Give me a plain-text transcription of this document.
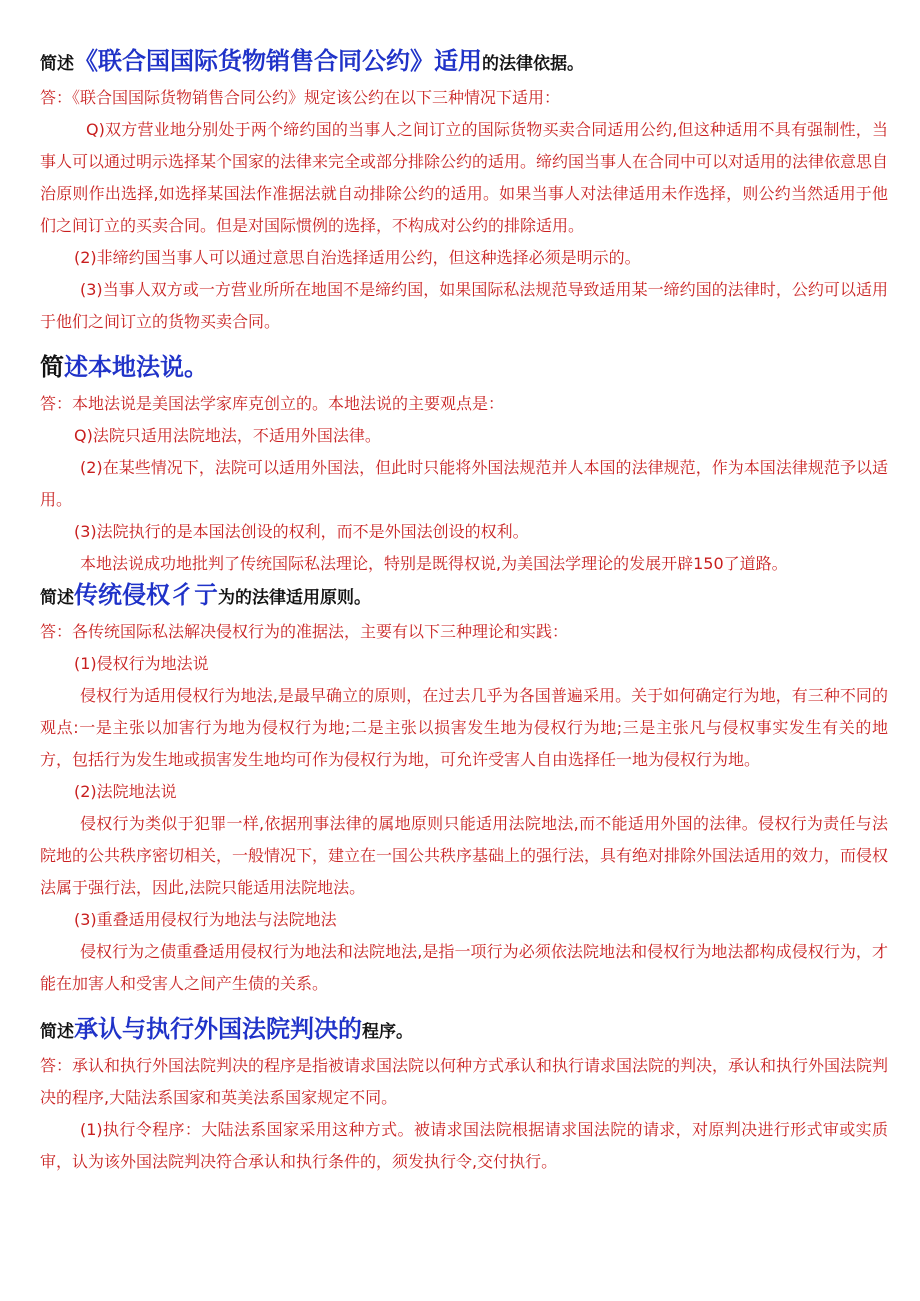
简述《联合国国际货物销售合同公约》适用的法律依据。

答：《联合国国际货物销售合同公约》规定该公约在以下三种情况下适用：

Q)双方营业地分别处于两个缔约国的当事人之间订立的国际货物买卖合同适用公约,但这种适用不具有强制性，当事人可以通过明示选择某个国家的法律来完全或部分排除公约的适用。缔约国当事人在合同中可以对适用的法律依意思自治原则作出选择,如选择某国法作准据法就自动排除公约的适用。如果当事人对法律适用未作选择，则公约当然适用于他们之间订立的买卖合同。但是对国际惯例的选择，不构成对公约的排除适用。

(2)非缔约国当事人可以通过意思自治选择适用公约，但这种选择必须是明示的。

(3)当事人双方或一方营业所所在地国不是缔约国，如果国际私法规范导致适用某一缔约国的法律时，公约可以适用于他们之间订立的货物买卖合同。

简述本地法说。

答：本地法说是美国法学家库克创立的。本地法说的主要观点是：

Q)法院只适用法院地法，不适用外国法律。

(2)在某些情况下，法院可以适用外国法，但此时只能将外国法规范并人本国的法律规范，作为本国法律规范予以适用。

(3)法院执行的是本国法创设的权利，而不是外国法创设的权利。

本地法说成功地批判了传统国际私法理论，特别是既得权说,为美国法学理论的发展开辟150了道路。

简述传统侵权彳亍为的法律适用原则。

答：各传统国际私法解决侵权行为的准据法，主要有以下三种理论和实践：

(1)侵权行为地法说

侵权行为适用侵权行为地法,是最早确立的原则，在过去几乎为各国普遍采用。关于如何确定行为地，有三种不同的观点:一是主张以加害行为地为侵权行为地;二是主张以损害发生地为侵权行为地;三是主张凡与侵权事实发生有关的地方，包括行为发生地或损害发生地均可作为侵权行为地，可允许受害人自由选择任一地为侵权行为地。

(2)法院地法说

侵权行为类似于犯罪一样,依据刑事法律的属地原则只能适用法院地法,而不能适用外国的法律。侵权行为责任与法院地的公共秩序密切相关，一般情况下，建立在一国公共秩序基础上的强行法，具有绝对排除外国法适用的效力，而侵权法属于强行法，因此,法院只能适用法院地法。

(3)重叠适用侵权行为地法与法院地法

侵权行为之债重叠适用侵权行为地法和法院地法,是指一项行为必须依法院地法和侵权行为地法都构成侵权行为，才能在加害人和受害人之间产生债的关系。

简述承认与执行外国法院判决的程序。

答：承认和执行外国法院判决的程序是指被请求国法院以何种方式承认和执行请求国法院的判决，承认和执行外国法院判决的程序,大陆法系国家和英美法系国家规定不同。

(1)执行令程序：大陆法系国家采用这种方式。被请求国法院根据请求国法院的请求，对原判决进行形式审或实质审，认为该外国法院判决符合承认和执行条件的，须发执行令,交付执行。
